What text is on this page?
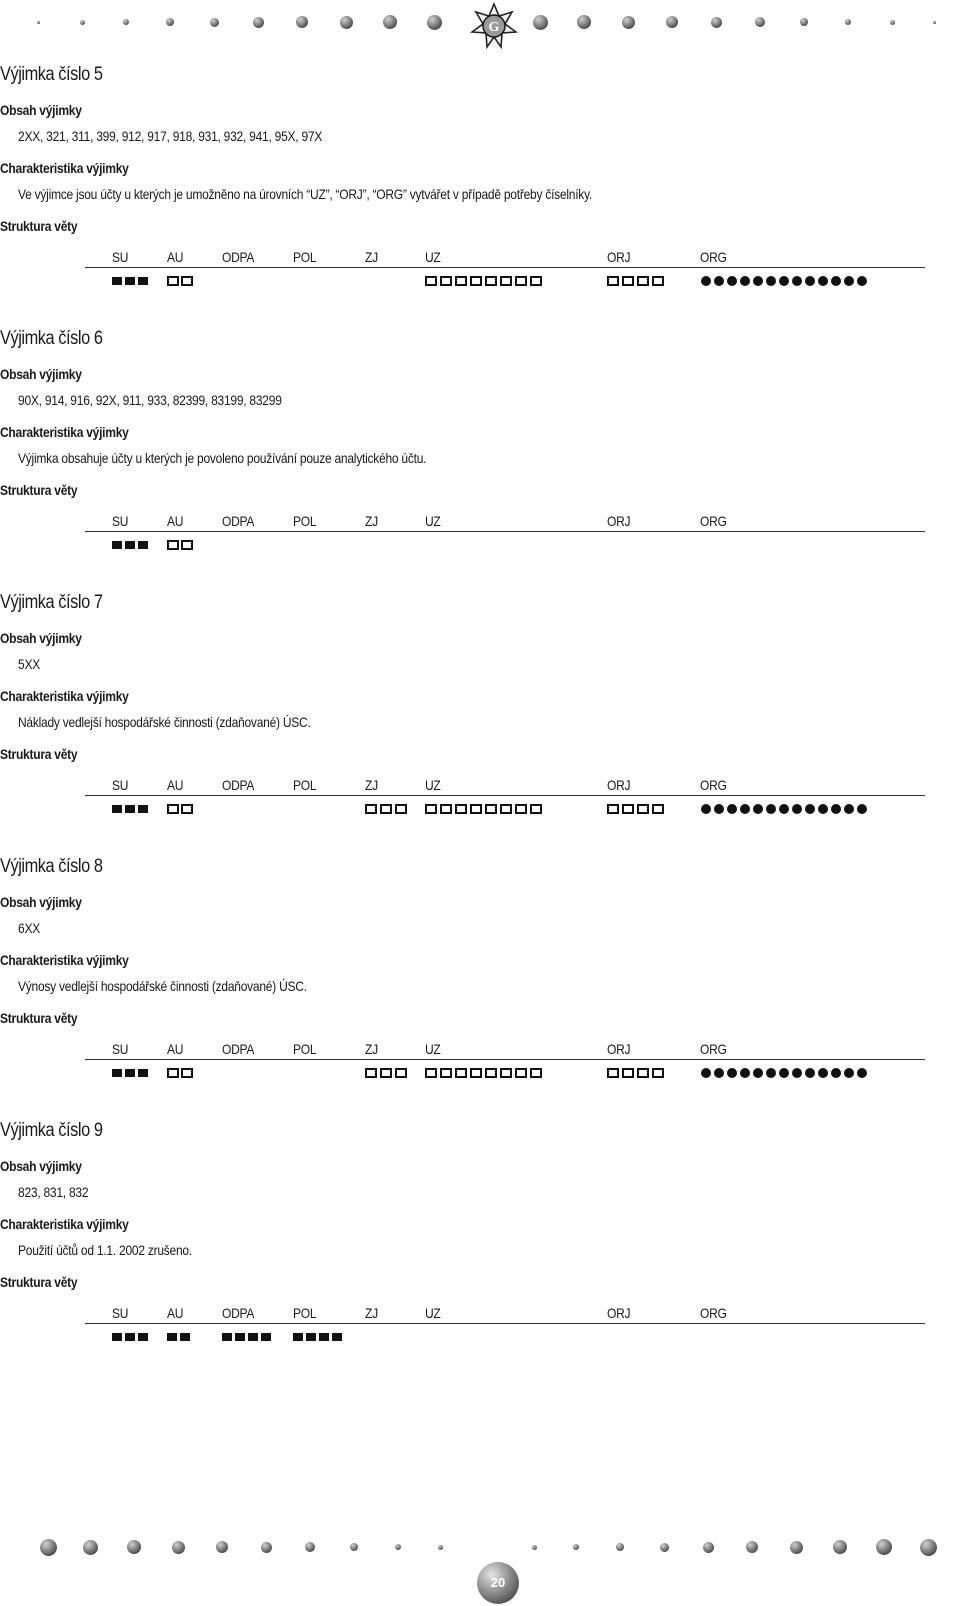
G
Výjimka číslo 5
Obsah výjimky
2XX, 321, 311, 399, 912, 917, 918, 931, 932, 941, 95X, 97X
Charakteristika výjimky
Ve výjimce jsou účty u kterých je umožněno na úrovních “UZ”, “ORJ”, “ORG” vytvářet v případě potřeby číselníky.
Struktura věty
SU	AU	ODPA	POL	ZJ	UZ	ORJ	ORG
Výjimka číslo 6
Obsah výjimky
90X, 914, 916, 92X, 911, 933, 82399, 83199, 83299
Charakteristika výjimky
Výjimka obsahuje účty u kterých je povoleno používání pouze analytického účtu.
Struktura věty
SU	AU	ODPA	POL	ZJ	UZ	ORJ	ORG
Výjimka číslo 7
Obsah výjimky
5XX
Charakteristika výjimky
Náklady vedlejší hospodářské činnosti (zdaňované) ÚSC.
Struktura věty
SU	AU	ODPA	POL	ZJ	UZ	ORJ	ORG
Výjimka číslo 8
Obsah výjimky
6XX
Charakteristika výjimky
Výnosy vedlejší hospodářské činnosti (zdaňované) ÚSC.
Struktura věty
SU	AU	ODPA	POL	ZJ	UZ	ORJ	ORG
Výjimka číslo 9
Obsah výjimky
823, 831, 832
Charakteristika výjimky
Použití účtů od 1.1. 2002 zrušeno.
Struktura věty
SU	AU	ODPA	POL	ZJ	UZ	ORJ	ORG
20
